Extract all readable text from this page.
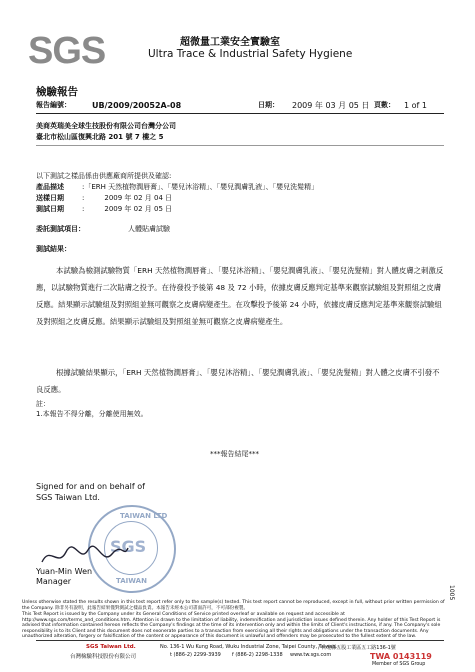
SGS	超微量工業安全實驗室
Ultra Trace & Industrial Safety Hygiene
檢驗報告
報告編號：	UB/2009/20052A-08	日期： 2009 年 03 月 05 日 頁數： 1 of 1
美商英瑞美全球生技股份有限公司台灣分公司
臺北市松山區復興北路 201 號 7 樓之 5
以下測試之樣品係由供應廠商所提供及確認:
產品描述	:「ERH 天然植物潤唇膏」、「嬰兒沐浴精」、「嬰兒潤膚乳液」、「嬰兒洗髮精」
送樣日期	:         2009 年 02 月 04 日
測試日期	:         2009 年 02 月 05 日
委託測試項目：	人體貼膚試驗
測試結果：
本試驗為檢測試驗物質「ERH 天然植物潤唇膏」、「嬰兒沐浴精」、「嬰兒潤膚乳液」、「嬰兒洗髮精」對人體皮膚之刺激反應，以試驗物質進行二次貼膚之投予。在待發投予後第 48 及 72 小時，依據皮膚反應判定基準來觀察試驗組及對照組之皮膚反應。結果顯示試驗組及對照組並無可觀察之皮膚病變產生。在攻擊投予後第 24 小時，依據皮膚反應判定基準來觀察試驗組及對照組之皮膚反應。結果顯示試驗組及對照組並無可觀察之皮膚病變產生。
根據試驗結果顯示，「ERH 天然植物潤唇膏」、「嬰兒沐浴精」、「嬰兒潤膚乳液」、「嬰兒洗髮精」對人體之皮膚不引發不良反應。
註：
1.本報告不得分離，分離使用無效。
***報告結尾***
Signed for and on behalf of
SGS Taiwan Ltd.
TAIWAN LTD
SGS
TAIWAN
Yuan-Min Wen
Manager
Unless otherwise stated the results shown in this test report refer only to the sample(s) tested. This test report cannot be reproduced, except in full, without prior written permission of the Company. 除非另有說明，此報告結果僅對測試之樣品負責。本報告未經本公司書面許可，不可部份複製。
This Test Report is issued by the Company under its General Conditions of Service printed overleaf or available on request and accessible at http://www.sgs.com/terms_and_conditions.htm. Attention is drawn to the limitation of liability, indemnification and jurisdiction issues defined therein. Any holder of this Test Report is advised that information contained hereon reflects the Company's findings at the time of its intervention only and within the limits of Client's instructions, if any. The Company's sole responsibility is to its Client and this document does not exonerate parties to a transaction from exercising all their rights and obligations under the transaction documents. Any unauthorized alteration, forgery or falsification of the content or appearance of this document is unlawful and offenders may be prosecuted to the fullest extent of the law.
SGS Taiwan Ltd.
台灣檢驗科技股份有限公司
No. 136-1 Wu Kung Road, Wuku Industrial Zone, Taipei County, Taiwan.
/ 台北縣五股工業區五工路136-1號
t (886-2) 2299-3939 f (886-2) 2298-1338 www.tw.sgs.com	TWA 0143119
Member of SGS Group
1005
